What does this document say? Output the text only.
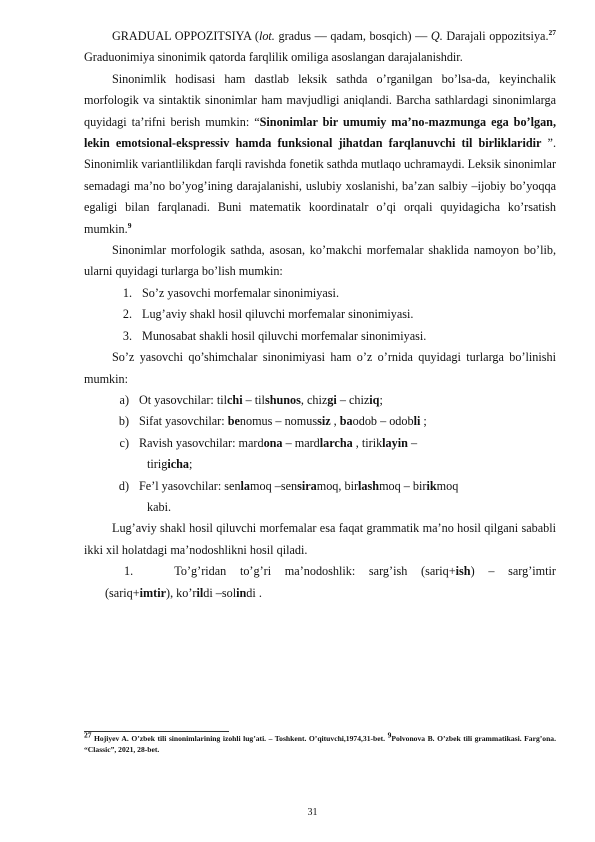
GRADUAL OPPOZITSIYA (lot. gradus — qadam, bosqich) — Q. Darajali oppozitsiya.$^{27}$ Graduonimiya sinonimik qatorda farqlilik omiliga asoslangan darajalanishdir.

Sinonimlik hodisasi ham dastlab leksik sathda o’rganilgan bo’lsa-da, keyinchalik morfologik va sintaktik sinonimlar ham mavjudligi aniqlandi. Barcha sathlardagi sinonimlarga quyidagi ta’rifni berish mumkin: “Sinonimlar bir umumiy ma’no-mazmunga ega bo’lgan, lekin emotsional-ekspressiv hamda funksional jihatdan farqlanuvchi til birliklaridir ”. Sinonimlik variantlilikdan farqli ravishda fonetik sathda mutlaqo uchramaydi. Leksik sinonimlar semadagi ma’no bo’yog’ining darajalanishi, uslubiy xoslanishi, ba’zan salbiy –ijobiy bo’yoqqa egaligi bilan farqlanadi. Buni matematik koordinatalr o’qi orqali quyidagicha ko’rsatish mumkin.$^9$

Sinonimlar morfologik sathda, asosan, ko’makchi morfemalar shaklida namoyon bo’lib, ularni quyidagi turlarga bo’lish mumkin:

1. So’z yasovchi morfemalar sinonimiyasi.
2. Lug’aviy shakl hosil qiluvchi morfemalar sinonimiyasi.
3. Munosabat shakli hosil qiluvchi morfemalar sinonimiyasi.

So’z yasovchi qo’shimchalar sinonimiyasi ham o’z o’rnida quyidagi turlarga bo’linishi mumkin:

a) Ot yasovchilar: tilchi – tilshunos, chizgi – chiziq;
b) Sifat yasovchilar: benomus – nomussiz , baodob – odobli ;
c) Ravish yasovchilar: mardona – mardlarcha , tiriklayin –
tirigicha;
d) Fe’l yasovchilar: senlamoq –sensiramoq, birlashmoq – birikmoq
kabi.

Lug’aviy shakl hosil qiluvchi morfemalar esa faqat grammatik ma’no hosil qilgani sababli ikki xil holatdagi ma’nodoshlikni hosil qiladi.

1.	To’g’ridan to’g’ri ma’nodoshlik: sarg’ish (sariq+ish) – sarg’imtir
(sariq+imtir), ko’rildi –solindi .
$^{27}$ Hojiyev A. O’zbek tili sinonimlarining izohli lug’ati. – Toshkent. O’qituvchi,1974,31-bet. $^9$Polvonova B. O’zbek tili grammatikasi. Farg’ona. “Classic”, 2021, 28-bet.
31
